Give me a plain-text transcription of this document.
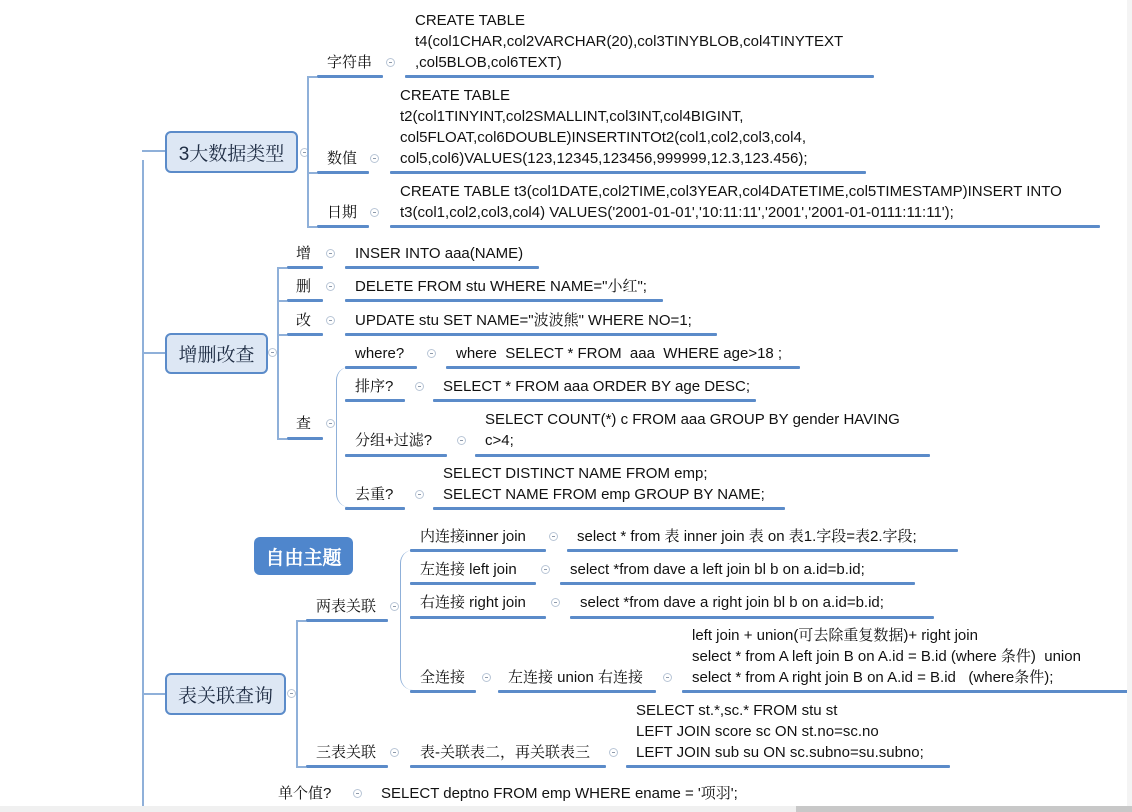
3大数据类型
字符串
CREATE TABLE
t4(col1CHAR,col2VARCHAR(20),col3TINYBLOB,col4TINYTEXT
,col5BLOB,col6TEXT)
数值
CREATE TABLE
t2(col1TINYINT,col2SMALLINT,col3INT,col4BIGINT,
col5FLOAT,col6DOUBLE)INSERTINTOt2(col1,col2,col3,col4,
col5,col6)VALUES(123,12345,123456,999999,12.3,123.456);
日期
CREATE TABLE t3(col1DATE,col2TIME,col3YEAR,col4DATETIME,col5TIMESTAMP)INSERT INTO
t3(col1,col2,col3,col4) VALUES('2001-01-01','10:11:11','2001','2001-01-0111:11:11');
增删改查
增	INSER INTO aaa(NAME)
删	DELETE FROM stu WHERE NAME="小红";
改	UPDATE stu SET NAME="波波熊" WHERE NO=1;
查
where?	where  SELECT * FROM  aaa  WHERE age>18 ;
排序?	SELECT * FROM aaa ORDER BY age DESC;
分组+过滤?
SELECT COUNT(*) c FROM aaa GROUP BY gender HAVING
c>4;
去重?
SELECT DISTINCT NAME FROM emp;
SELECT NAME FROM emp GROUP BY NAME;
自由主题
表关联查询
两表关联
内连接inner join	select * from 表 inner join 表 on 表1.字段=表2.字段;
左连接 left join	select *from dave a left join bl b on a.id=b.id;
右连接 right join	select *from dave a right join bl b on a.id=b.id;
全连接	左连接 union 右连接
left join + union(可去除重复数据)+ right join
select * from A left join B on A.id = B.id (where 条件)  union
select * from A right join B on A.id = B.id   (where条件);
三表关联	表-关联表二，再关联表三
SELECT st.*,sc.* FROM stu st
LEFT JOIN score sc ON st.no=sc.no
LEFT JOIN sub su ON sc.subno=su.subno;
单个值?	SELECT deptno FROM emp WHERE ename = '项羽';
